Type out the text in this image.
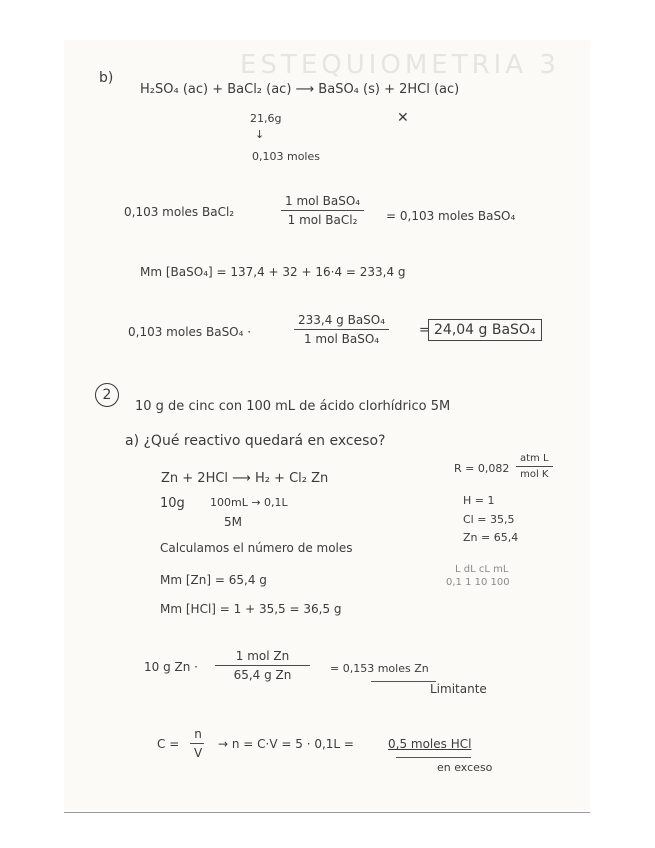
ESTEQUIOMETRIA 3
b)
H₂SO₄ (ac) + BaCl₂ (ac) ⟶ BaSO₄ (s) + 2HCl (ac)
21,6g
↓
0,103 moles
✕
0,103 moles BaCl₂
1 mol BaSO₄
1 mol BaCl₂	= 0,103 moles BaSO₄
Mm [BaSO₄] = 137,4 + 32 + 16·4 = 233,4 g
0,103 moles BaSO₄ ·
233,4 g BaSO₄
1 mol BaSO₄
= 24,04 g BaSO₄
2
10 g de cinc con 100 mL de ácido clorhídrico 5M
a) ¿Qué reactivo quedará en exceso?
Zn + 2HCl ⟶ H₂ + Cl₂ Zn
R = 0,082
atm L
mol K
10g 100mL → 0,1L
5M
H = 1
Cl = 35,5
Zn = 65,4
Calculamos el número de moles
L dL cL mL
0,1 1 10 100
Mm [Zn] = 65,4 g
Mm [HCl] = 1 + 35,5 = 36,5 g
10 g Zn ·
1 mol Zn
65,4 g Zn	= 0,153 moles Zn
Limitante
C =
n
V
→ n = C·V = 5 · 0,1L =	0,5 moles HCl
en exceso
